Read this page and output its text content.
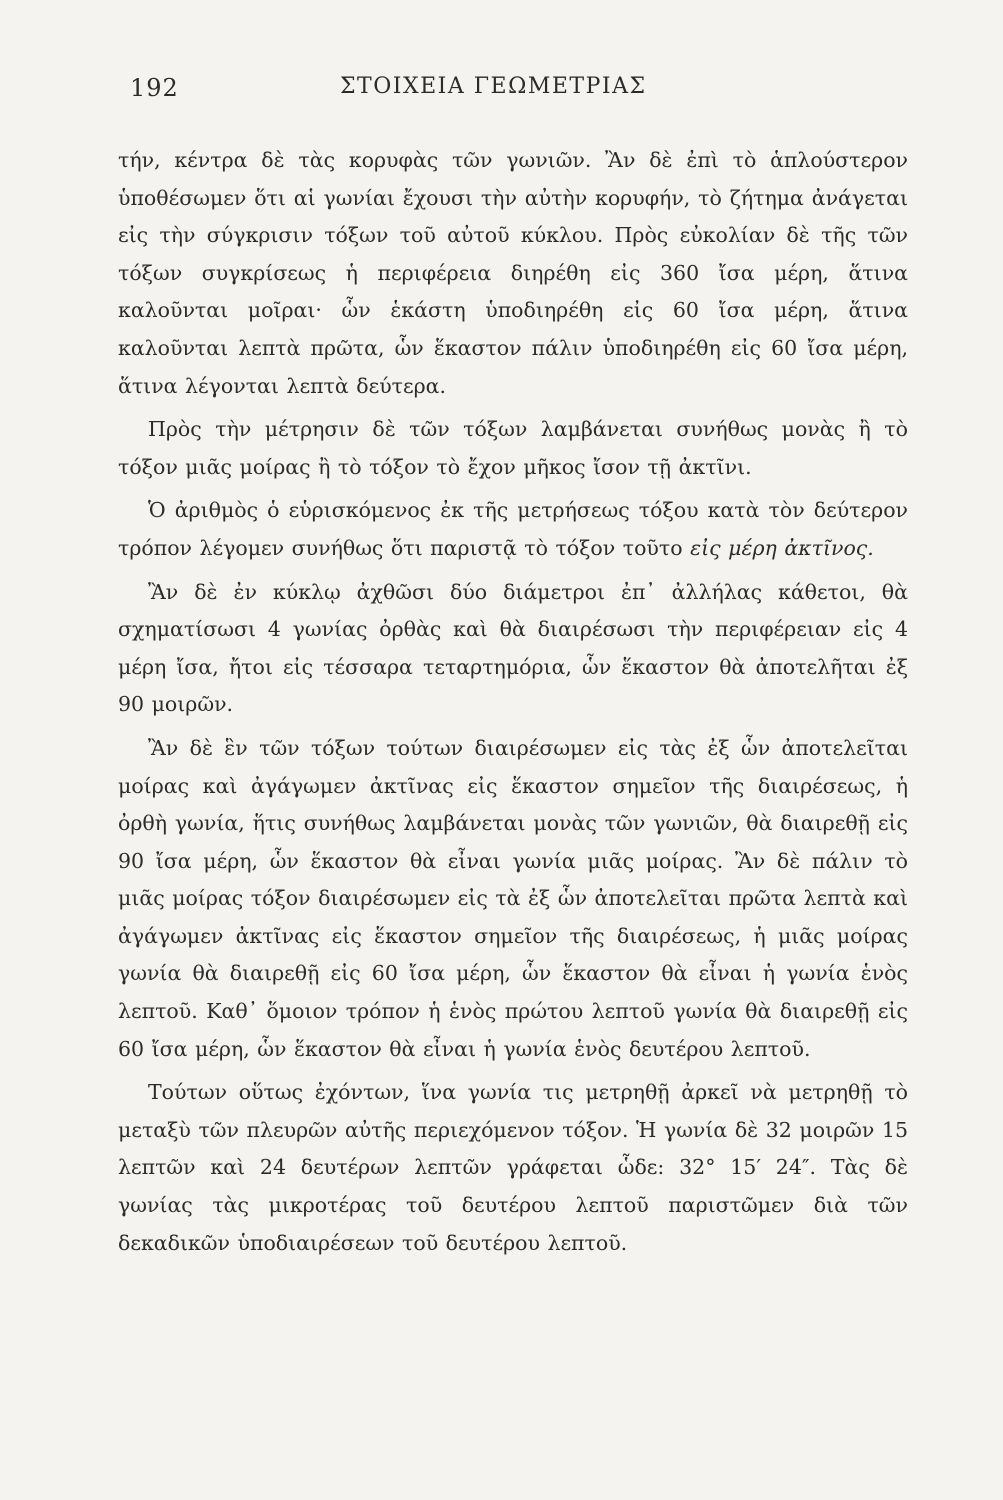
192	ΣΤΟΙΧΕΙΑ ΓΕΩΜΕΤΡΙΑΣ

τήν, κέντρα δὲ τὰς κορυφὰς τῶν γωνιῶν. Ἂν δὲ ἐπὶ τὸ ἁπλούστερον ὑποθέσωμεν ὅτι αἱ γωνίαι ἔχουσι τὴν αὐτὴν κορυφήν, τὸ ζήτημα ἀνάγεται εἰς τὴν σύγκρισιν τόξων τοῦ αὐτοῦ κύκλου. Πρὸς εὐκολίαν δὲ τῆς τῶν τόξων συγκρίσεως ἡ περιφέρεια διηρέθη εἰς 360 ἴσα μέρη, ἅτινα καλοῦνται μοῖραι· ὧν ἑκάστη ὑποδιηρέθη εἰς 60 ἴσα μέρη, ἅτινα καλοῦνται λεπτὰ πρῶτα, ὧν ἕκαστον πάλιν ὑποδιηρέθη εἰς 60 ἴσα μέρη, ἅτινα λέγονται λεπτὰ δεύτερα.

Πρὸς τὴν μέτρησιν δὲ τῶν τόξων λαμβάνεται συνήθως μονὰς ἢ τὸ τόξον μιᾶς μοίρας ἢ τὸ τόξον τὸ ἔχον μῆκος ἴσον τῇ ἀκτῖνι.

Ὁ ἀριθμὸς ὁ εὑρισκόμενος ἐκ τῆς μετρήσεως τόξου κατὰ τὸν δεύτερον τρόπον λέγομεν συνήθως ὅτι παριστᾷ τὸ τόξον τοῦτο εἰς μέρη ἀκτῖνος.

Ἂν δὲ ἐν κύκλῳ ἀχθῶσι δύο διάμετροι ἐπ᾽ ἀλλήλας κάθετοι, θὰ σχηματίσωσι 4 γωνίας ὀρθὰς καὶ θὰ διαιρέσωσι τὴν περιφέρειαν εἰς 4 μέρη ἴσα, ἤτοι εἰς τέσσαρα τεταρτημόρια, ὧν ἕκαστον θὰ ἀποτελῆται ἐξ 90 μοιρῶν.

Ἂν δὲ ἓν τῶν τόξων τούτων διαιρέσωμεν εἰς τὰς ἐξ ὧν ἀποτελεῖται μοίρας καὶ ἀγάγωμεν ἀκτῖνας εἰς ἕκαστον σημεῖον τῆς διαιρέσεως, ἡ ὀρθὴ γωνία, ἥτις συνήθως λαμβάνεται μονὰς τῶν γωνιῶν, θὰ διαιρεθῇ εἰς 90 ἴσα μέρη, ὧν ἕκαστον θὰ εἶναι γωνία μιᾶς μοίρας. Ἂν δὲ πάλιν τὸ μιᾶς μοίρας τόξον διαιρέσωμεν εἰς τὰ ἐξ ὧν ἀποτελεῖται πρῶτα λεπτὰ καὶ ἀγάγωμεν ἀκτῖνας εἰς ἕκαστον σημεῖον τῆς διαιρέσεως, ἡ μιᾶς μοίρας γωνία θὰ διαιρεθῇ εἰς 60 ἴσα μέρη, ὧν ἕκαστον θὰ εἶναι ἡ γωνία ἑνὸς λεπτοῦ. Καθ᾽ ὅμοιον τρόπον ἡ ἑνὸς πρώτου λεπτοῦ γωνία θὰ διαιρεθῇ εἰς 60 ἴσα μέρη, ὧν ἕκαστον θὰ εἶναι ἡ γωνία ἑνὸς δευτέρου λεπτοῦ.

Τούτων οὕτως ἐχόντων, ἵνα γωνία τις μετρηθῇ ἀρκεῖ νὰ μετρηθῇ τὸ μεταξὺ τῶν πλευρῶν αὐτῆς περιεχόμενον τόξον. Ἡ γωνία δὲ 32 μοιρῶν 15 λεπτῶν καὶ 24 δευτέρων λεπτῶν γράφεται ὧδε: 32° 15′ 24″. Τὰς δὲ γωνίας τὰς μικροτέρας τοῦ δευτέρου λεπτοῦ παριστῶμεν διὰ τῶν δεκαδικῶν ὑποδιαιρέσεων τοῦ δευτέρου λεπτοῦ.
